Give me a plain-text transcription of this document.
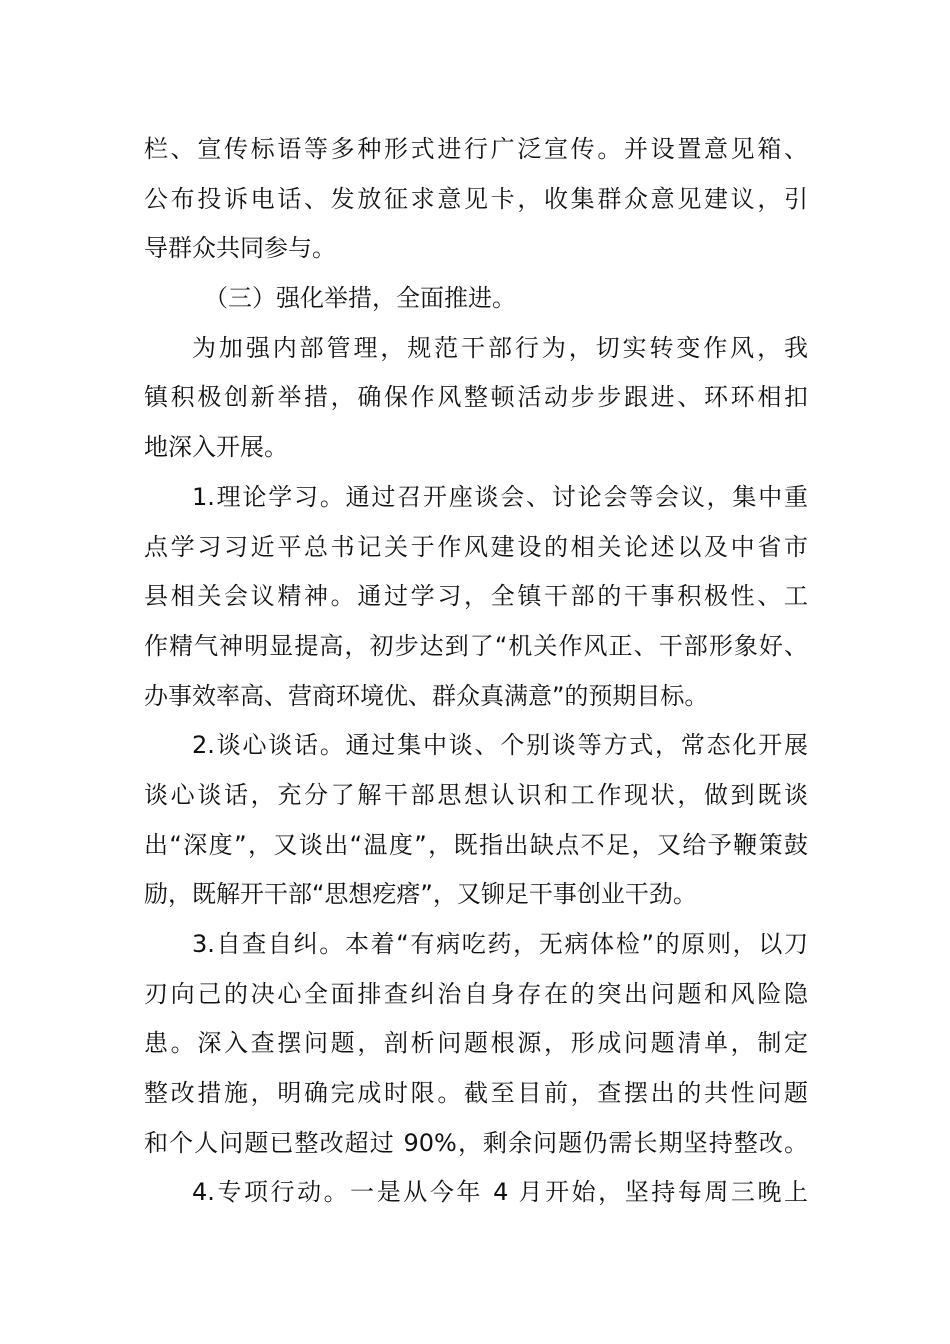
栏、宣传标语等多种形式进行广泛宣传。并设置意见箱、
公布投诉电话、发放征求意见卡，收集群众意见建议，引
导群众共同参与。
（三）强化举措，全面推进。
为加强内部管理，规范干部行为，切实转变作风，我
镇积极创新举措，确保作风整顿活动步步跟进、环环相扣
地深入开展。
1.理论学习。通过召开座谈会、讨论会等会议，集中重
点学习习近平总书记关于作风建设的相关论述以及中省市
县相关会议精神。通过学习，全镇干部的干事积极性、工
作精气神明显提高，初步达到了“机关作风正、干部形象好、
办事效率高、营商环境优、群众真满意”的预期目标。
2.谈心谈话。通过集中谈、个别谈等方式，常态化开展
谈心谈话，充分了解干部思想认识和工作现状，做到既谈
出“深度”，又谈出“温度”，既指出缺点不足，又给予鞭策鼓
励，既解开干部“思想疙瘩”，又铆足干事创业干劲。
3.自查自纠。本着“有病吃药，无病体检”的原则，以刀
刃向己的决心全面排查纠治自身存在的突出问题和风险隐
患。深入查摆问题，剖析问题根源，形成问题清单，制定
整改措施，明确完成时限。截至目前，查摆出的共性问题
和个人问题已整改超过 90%，剩余问题仍需长期坚持整改。
4.专项行动。一是从今年 4 月开始，坚持每周三晚上
